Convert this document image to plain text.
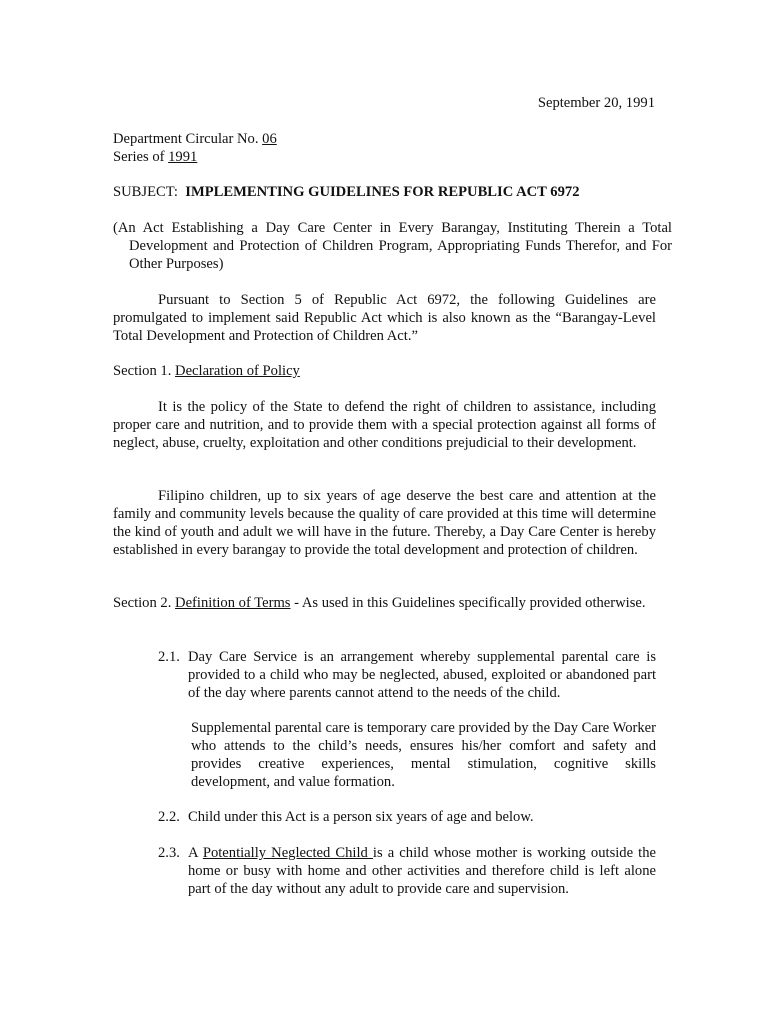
September 20, 1991
Department Circular No. 06
Series of 1991
SUBJECT: IMPLEMENTING GUIDELINES FOR REPUBLIC ACT 6972
(An Act Establishing a Day Care Center in Every Barangay, Instituting Therein a Total Development and Protection of Children Program, Appropriating Funds Therefor, and For Other Purposes)
Pursuant to Section 5 of Republic Act 6972, the following Guidelines are promulgated to implement said Republic Act which is also known as the “Barangay-Level Total Development and Protection of Children Act.”
Section 1. Declaration of Policy
It is the policy of the State to defend the right of children to assistance, including proper care and nutrition, and to provide them with a special protection against all forms of neglect, abuse, cruelty, exploitation and other conditions prejudicial to their development.
Filipino children, up to six years of age deserve the best care and attention at the family and community levels because the quality of care provided at this time will determine the kind of youth and adult we will have in the future. Thereby, a Day Care Center is hereby established in every barangay to provide the total development and protection of children.
Section 2. Definition of Terms - As used in this Guidelines specifically provided otherwise.
2.1. Day Care Service is an arrangement whereby supplemental parental care is provided to a child who may be neglected, abused, exploited or abandoned part of the day where parents cannot attend to the needs of the child.
Supplemental parental care is temporary care provided by the Day Care Worker who attends to the child’s needs, ensures his/her comfort and safety and provides creative experiences, mental stimulation, cognitive skills development, and value formation.
2.2. Child under this Act is a person six years of age and below.
2.3. A Potentially Neglected Child is a child whose mother is working outside the home or busy with home and other activities and therefore child is left alone part of the day without any adult to provide care and supervision.
